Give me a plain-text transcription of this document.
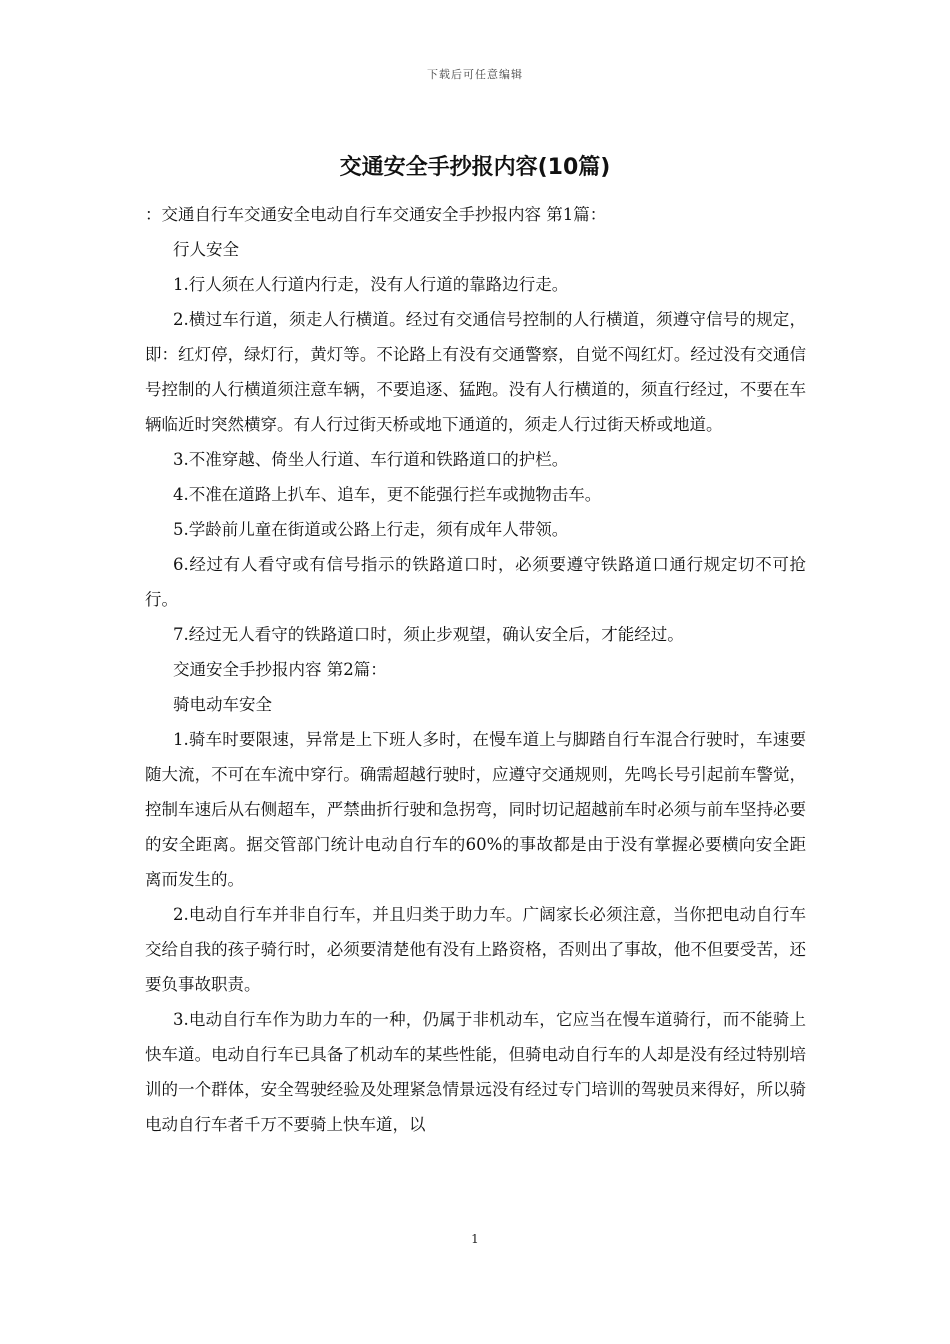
下载后可任意编辑
交通安全手抄报内容(10篇)

：交通自行车交通安全电动自行车交通安全手抄报内容 第1篇：

行人安全

1.行人须在人行道内行走，没有人行道的靠路边行走。

2.横过车行道，须走人行横道。经过有交通信号控制的人行横道，须遵守信号的规定，即：红灯停，绿灯行，黄灯等。不论路上有没有交通警察，自觉不闯红灯。经过没有交通信号控制的人行横道须注意车辆，不要追逐、猛跑。没有人行横道的，须直行经过，不要在车辆临近时突然横穿。有人行过街天桥或地下通道的，须走人行过街天桥或地道。

3.不准穿越、倚坐人行道、车行道和铁路道口的护栏。

4.不准在道路上扒车、追车，更不能强行拦车或抛物击车。

5.学龄前儿童在街道或公路上行走，须有成年人带领。

6.经过有人看守或有信号指示的铁路道口时，必须要遵守铁路道口通行规定切不可抢行。

7.经过无人看守的铁路道口时，须止步观望，确认安全后，才能经过。

交通安全手抄报内容 第2篇：

骑电动车安全

1.骑车时要限速，异常是上下班人多时，在慢车道上与脚踏自行车混合行驶时，车速要随大流，不可在车流中穿行。确需超越行驶时，应遵守交通规则，先鸣长号引起前车警觉，控制车速后从右侧超车，严禁曲折行驶和急拐弯，同时切记超越前车时必须与前车坚持必要的安全距离。据交管部门统计电动自行车的60%的事故都是由于没有掌握必要横向安全距离而发生的。

2.电动自行车并非自行车，并且归类于助力车。广阔家长必须注意，当你把电动自行车交给自我的孩子骑行时，必须要清楚他有没有上路资格，否则出了事故，他不但要受苦，还要负事故职责。

3.电动自行车作为助力车的一种，仍属于非机动车，它应当在慢车道骑行，而不能骑上快车道。电动自行车已具备了机动车的某些性能，但骑电动自行车的人却是没有经过特别培训的一个群体，安全驾驶经验及处理紧急情景远没有经过专门培训的驾驶员来得好，所以骑电动自行车者千万不要骑上快车道，以

1
